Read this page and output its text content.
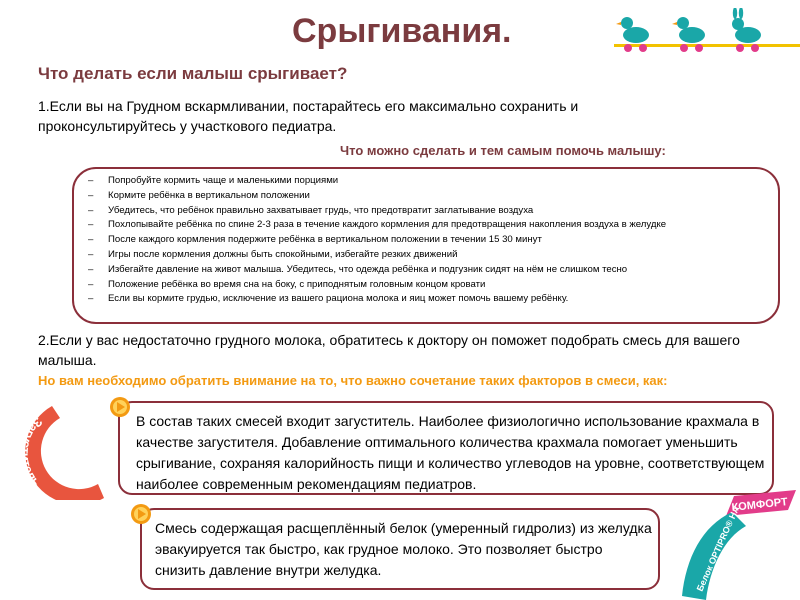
Срыгивания.
Что делать если малыш срыгивает?
1.Если вы на Грудном вскармливании, постарайтесь его максимально сохранить и проконсультируйтесь у участкового педиатра.
Что можно сделать и тем самым помочь малышу:
– Попробуйте кормить чаще и маленькими порциями
– Кормите ребёнка в вертикальном положении
– Убедитесь, что ребёнок правильно захватывает грудь, что предотвратит заглатывание воздуха
– Похлопывайте ребёнка по спине 2-3 раза в течение каждого кормления для предотвращения накопления воздуха в желудке
– После каждого кормления подержите ребёнка в вертикальном положении в течении 15 30 минут
– Игры после кормления должны быть спокойными, избегайте резких движений
– Избегайте давление на живот малыша. Убедитесь, что одежда ребёнка и подгузник сидят на нём не слишком тесно
– Положение ребёнка во время сна на боку, с приподнятым головным концом кровати
– Если вы кормите грудью, исключение из вашего рациона молока и яиц может помочь вашему ребёнку.
2.Если у вас недостаточно грудного молока, обратитесь к доктору он поможет подобрать смесь для вашего малыша.
Но вам необходимо обратить внимание на то, что важно сочетание таких факторов в смеси, как:
Загуститель
В состав таких смесей входит загуститель. Наиболее физиологично использование крахмала в качестве загустителя. Добавление оптимального количества крахмала помогает уменьшить срыгивание, сохраняя калорийность пищи и количество углеводов на уровне, соответствующем наиболее современным рекомендациям педиатров.
Смесь содержащая расщеплённый белок (умеренный гидролиз) из желудка эвакуируется так быстро, как грудное молоко. Это позволяет быстро снизить давление внутри желудка.
КОМФОРТ
Белок OPTIPRO® НА
